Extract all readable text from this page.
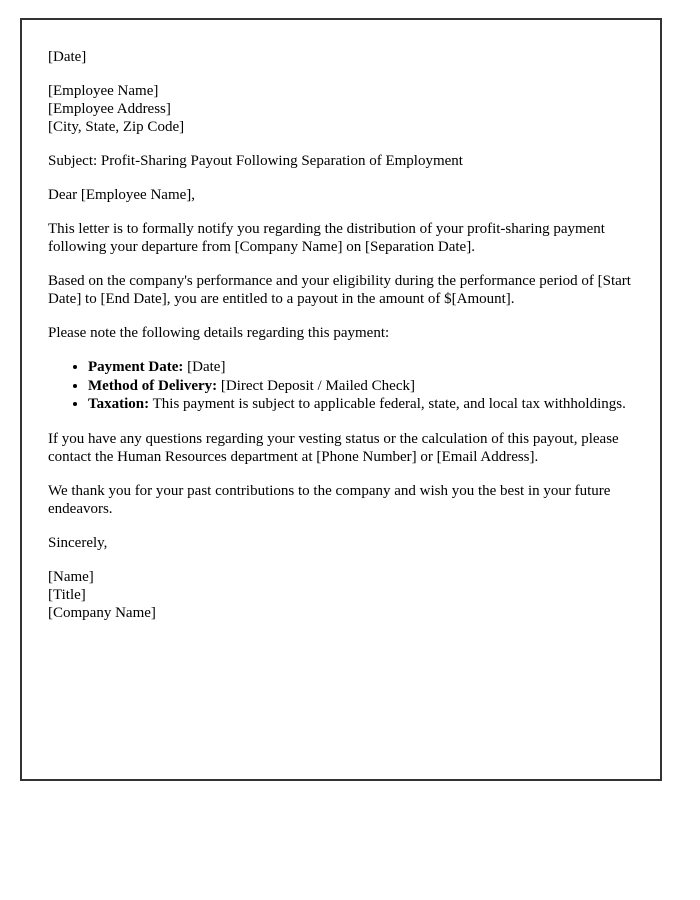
[Date]

[Employee Name]
[Employee Address]
[City, State, Zip Code]

Subject: Profit-Sharing Payout Following Separation of Employment

Dear [Employee Name],

This letter is to formally notify you regarding the distribution of your profit-sharing payment following your departure from [Company Name] on [Separation Date].

Based on the company's performance and your eligibility during the performance period of [Start Date] to [End Date], you are entitled to a payout in the amount of $[Amount].

Please note the following details regarding this payment:

• Payment Date: [Date]
• Method of Delivery: [Direct Deposit / Mailed Check]
• Taxation: This payment is subject to applicable federal, state, and local tax withholdings.

If you have any questions regarding your vesting status or the calculation of this payout, please contact the Human Resources department at [Phone Number] or [Email Address].

We thank you for your past contributions to the company and wish you the best in your future endeavors.

Sincerely,

[Name]
[Title]
[Company Name]
